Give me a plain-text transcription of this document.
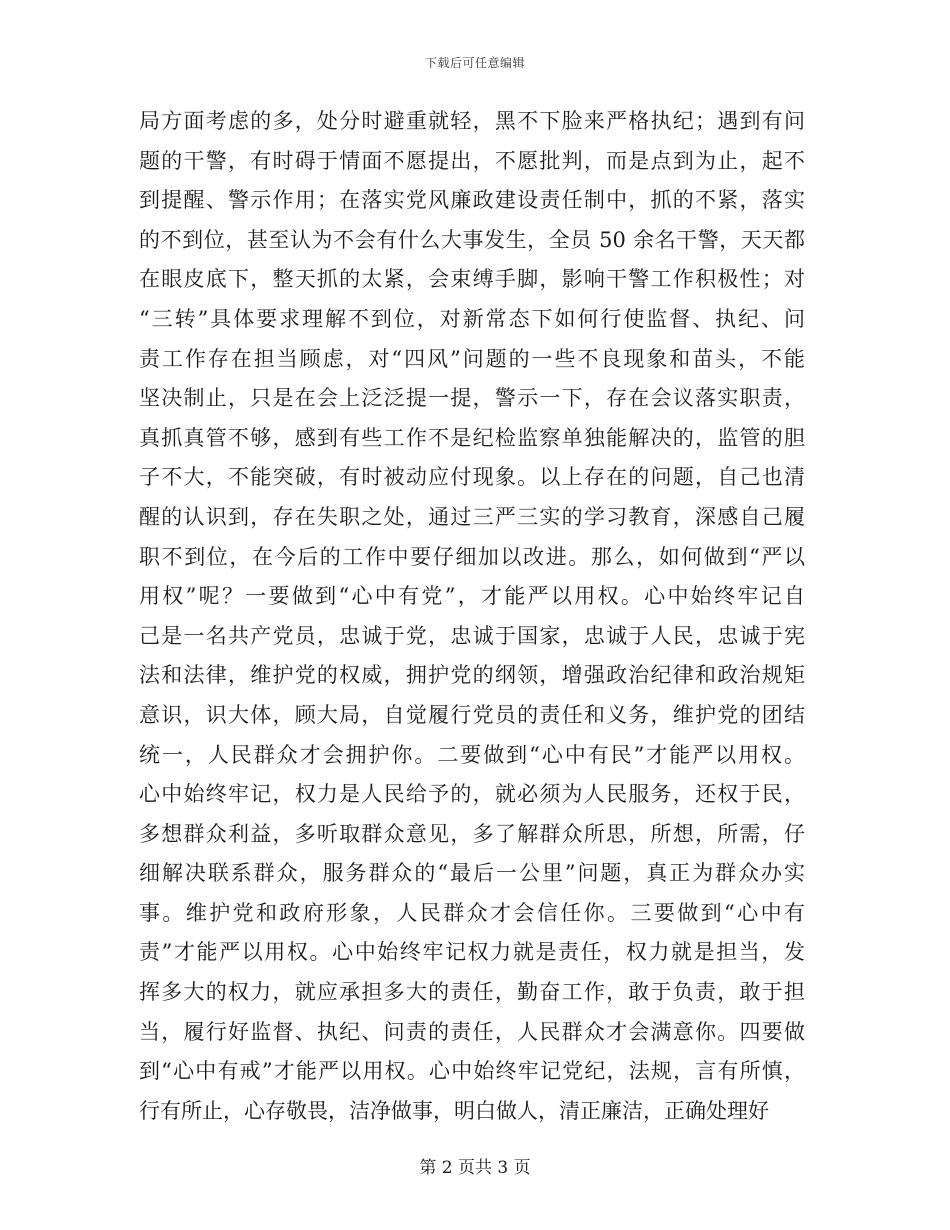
下载后可任意编辑
局方面考虑的多，处分时避重就轻，黑不下脸来严格执纪；遇到有问
题的干警，有时碍于情面不愿提出，不愿批判，而是点到为止，起不
到提醒、警示作用；在落实党风廉政建设责任制中，抓的不紧，落实
的不到位，甚至认为不会有什么大事发生，全员 50 余名干警，天天都
在眼皮底下，整天抓的太紧，会束缚手脚，影响干警工作积极性；对
“三转”具体要求理解不到位，对新常态下如何行使监督、执纪、问
责工作存在担当顾虑，对“四风”问题的一些不良现象和苗头，不能
坚决制止，只是在会上泛泛提一提，警示一下，存在会议落实职责，
真抓真管不够，感到有些工作不是纪检监察单独能解决的，监管的胆
子不大，不能突破，有时被动应付现象。以上存在的问题，自己也清
醒的认识到，存在失职之处，通过三严三实的学习教育，深感自己履
职不到位，在今后的工作中要仔细加以改进。那么，如何做到“严以
用权”呢？一要做到“心中有党”，才能严以用权。心中始终牢记自
己是一名共产党员，忠诚于党，忠诚于国家，忠诚于人民，忠诚于宪
法和法律，维护党的权威，拥护党的纲领，增强政治纪律和政治规矩
意识，识大体，顾大局，自觉履行党员的责任和义务，维护党的团结
统一，人民群众才会拥护你。二要做到“心中有民”才能严以用权。
心中始终牢记，权力是人民给予的，就必须为人民服务，还权于民，
多想群众利益，多听取群众意见，多了解群众所思，所想，所需，仔
细解决联系群众，服务群众的“最后一公里”问题，真正为群众办实
事。维护党和政府形象，人民群众才会信任你。三要做到“心中有
责”才能严以用权。心中始终牢记权力就是责任，权力就是担当，发
挥多大的权力，就应承担多大的责任，勤奋工作，敢于负责，敢于担
当，履行好监督、执纪、问责的责任，人民群众才会满意你。四要做
到“心中有戒”才能严以用权。心中始终牢记党纪，法规，言有所慎，
行有所止，心存敬畏，洁净做事，明白做人，清正廉洁，正确处理好
第 2 页共 3 页
